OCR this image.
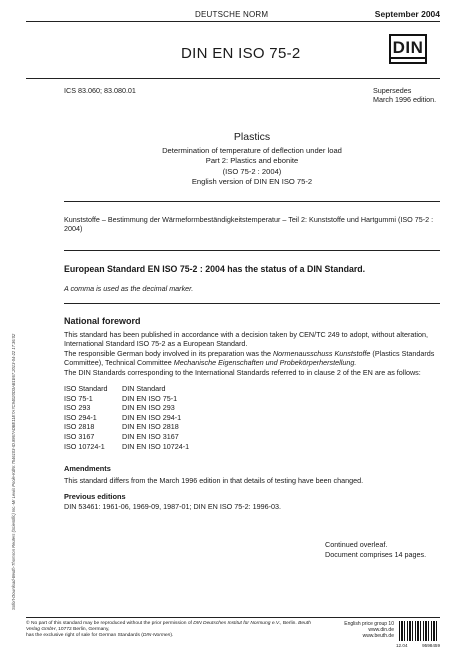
Sofort-Download-Beuth-Thomson Reuters (Scientific) Inc.-Mr Lewis Poole-KdNr.7546103-ID.8867ADBE11E7A7C94020D3AB1E67.2013-04-22 17:36:02
DEUTSCHE NORM	September 2004
DIN EN ISO 75-2	DIN
ICS 83.060; 83.080.01	Supersedes
March 1996 edition.
Plastics
Determination of temperature of deflection under load
Part 2: Plastics and ebonite
(ISO 75-2 : 2004)
English version of DIN EN ISO 75-2
Kunststoffe – Bestimmung der Wärmeformbeständigkeitstemperatur – Teil 2: Kunststoffe und Hartgummi (ISO 75-2 : 2004)
European Standard EN ISO 75-2 : 2004 has the status of a DIN Standard.
A comma is used as the decimal marker.
National foreword
This standard has been published in accordance with a decision taken by CEN/TC 249 to adopt, without alteration, International Standard ISO 75-2 as a European Standard.
The responsible German body involved in its preparation was the Normenausschuss Kunststoffe (Plastics Standards Committee), Technical Committee Mechanische Eigenschaften und Probekörperherstellung.
The DIN Standards corresponding to the International Standards referred to in clause 2 of the EN are as follows:
ISO Standard	DIN Standard
ISO 75-1	DIN EN ISO 75-1
ISO 293	DIN EN ISO 293
ISO 294-1	DIN EN ISO 294-1
ISO 2818	DIN EN ISO 2818
ISO 3167	DIN EN ISO 3167
ISO 10724-1	DIN EN ISO 10724-1
Amendments
This standard differs from the March 1996 edition in that details of testing have been changed.
Previous editions
DIN 53461: 1961-06, 1969-09, 1987-01; DIN EN ISO 75-2: 1996-03.
Continued overleaf.
Document comprises 14 pages.
© No part of this standard may be reproduced without the prior permission of DIN Deutsches Institut für Normung e.V., Berlin. Beuth Verlag GmbH, 10772 Berlin, Germany,
has the exclusive right of sale for German Standards (DIN-Normen).
English price group 10
www.din.de
www.beuth.de
12.04	9598459
